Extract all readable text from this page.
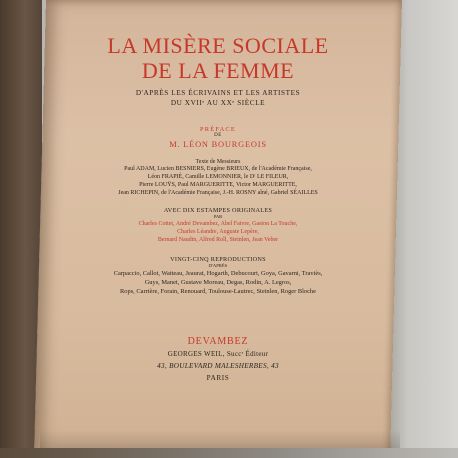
LA MISÈRE SOCIALE
DE LA FEMME
D'APRÈS LES ÉCRIVAINS ET LES ARTISTES
DU XVIIᵉ AU XXᵉ SIÈCLE
PRÉFACE
DE
M. LÉON BOURGEOIS
Texte de Messieurs
Paul ADAM, Lucien BESNIERS, Eugène BRIEUX, de l'Académie Française,
Léon FRAPIÉ, Camille LEMONNIER, le Dʳ LE FILEUR,
Pierre LOUŸS, Paul MARGUERITTE, Victor MARGUERITTE,
Jean RICHEPIN, de l'Académie Française, J.-H. ROSNY aîné, Gabriel SÉAILLES
AVEC DIX ESTAMPES ORIGINALES
PAR
Charles Cottet, André Devambez, Abel Faivre, Gaston La Touche,
Charles Léandre, Auguste Lepère,
Bernard Naudin, Alfred Roll, Steinlen, Jean Veber
VINGT-CINQ REPRODUCTIONS
D'APRÈS
Carpaccio, Callot, Watteau, Jeaurat, Hogarth, Debucourt, Goya, Gavarni, Traviès,
Guys, Manet, Gustave Moreau, Degas, Rodin, A. Legros,
Rops, Carrière, Forain, Renouard, Toulouse-Lautrec, Steinlen, Roger Bloche
DEVAMBEZ
GEORGES WEIL, Succʳ Éditeur
43, BOULEVARD MALESHERBES, 43
PARIS
